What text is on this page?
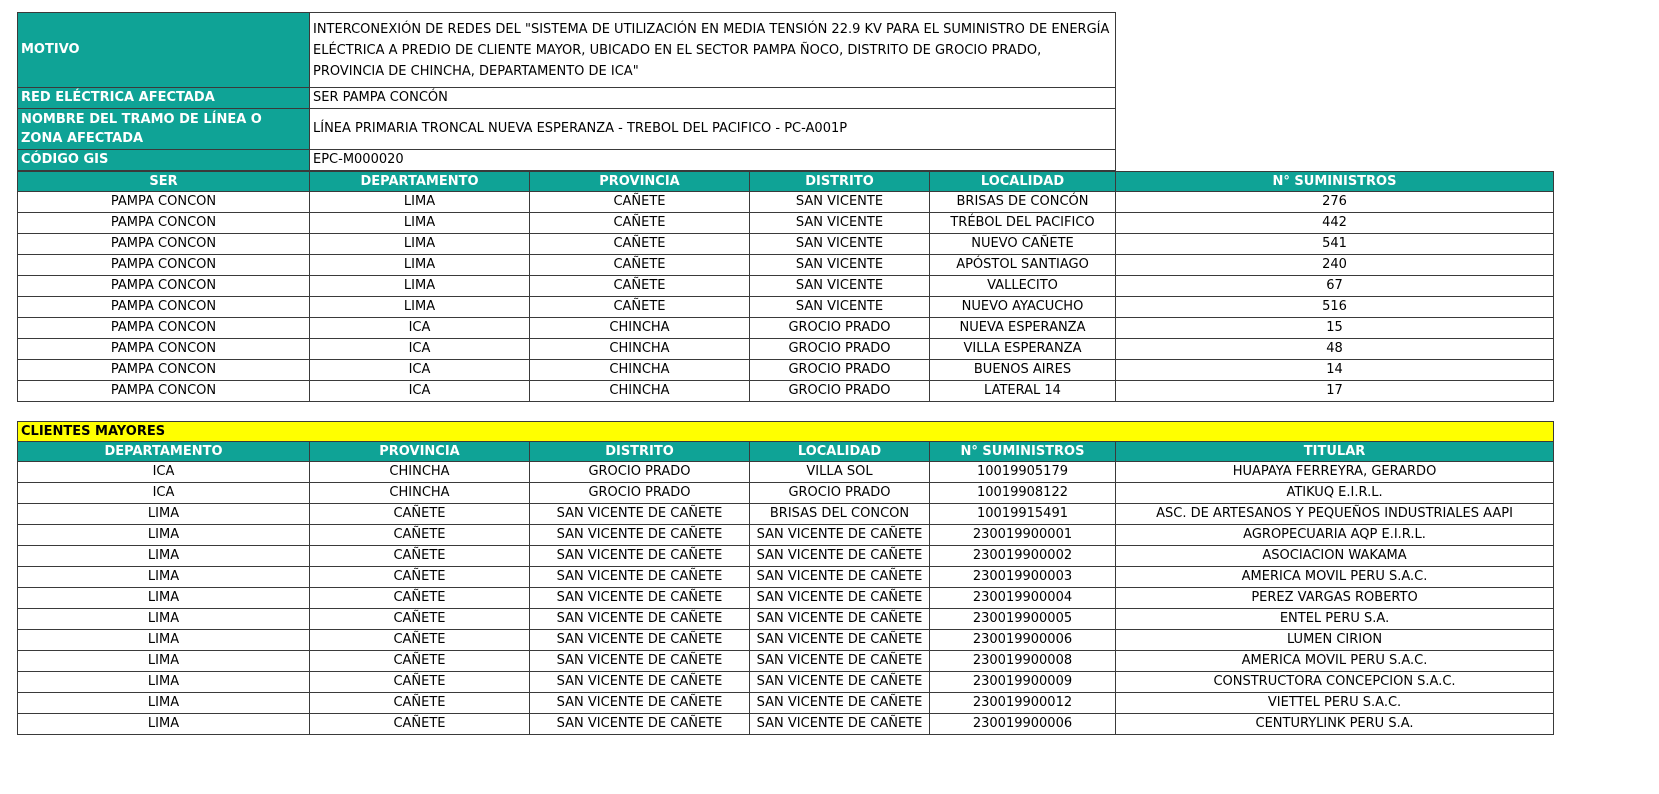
MOTIVO	INTERCONEXIÓN DE REDES DEL "SISTEMA DE UTILIZACIÓN EN MEDIA TENSIÓN 22.9 KV PARA EL SUMINISTRO DE ENERGÍA ELÉCTRICA A PREDIO DE CLIENTE MAYOR, UBICADO EN EL SECTOR PAMPA ÑOCO, DISTRITO DE GROCIO PRADO, PROVINCIA DE CHINCHA, DEPARTAMENTO DE ICA"
RED ELÉCTRICA AFECTADA	SER PAMPA CONCÓN
NOMBRE DEL TRAMO DE LÍNEA O ZONA AFECTADA	LÍNEA PRIMARIA TRONCAL NUEVA ESPERANZA - TREBOL DEL PACIFICO - PC-A001P
CÓDIGO GIS	EPC-M000020
SER	DEPARTAMENTO	PROVINCIA	DISTRITO	LOCALIDAD	N° SUMINISTROS
PAMPA CONCON	LIMA	CAÑETE	SAN VICENTE	BRISAS DE CONCÓN	276
PAMPA CONCON	LIMA	CAÑETE	SAN VICENTE	TRÉBOL DEL PACIFICO	442
PAMPA CONCON	LIMA	CAÑETE	SAN VICENTE	NUEVO CAÑETE	541
PAMPA CONCON	LIMA	CAÑETE	SAN VICENTE	APÓSTOL SANTIAGO	240
PAMPA CONCON	LIMA	CAÑETE	SAN VICENTE	VALLECITO	67
PAMPA CONCON	LIMA	CAÑETE	SAN VICENTE	NUEVO AYACUCHO	516
PAMPA CONCON	ICA	CHINCHA	GROCIO PRADO	NUEVA ESPERANZA	15
PAMPA CONCON	ICA	CHINCHA	GROCIO PRADO	VILLA ESPERANZA	48
PAMPA CONCON	ICA	CHINCHA	GROCIO PRADO	BUENOS AIRES	14
PAMPA CONCON	ICA	CHINCHA	GROCIO PRADO	LATERAL 14	17
CLIENTES MAYORES					
DEPARTAMENTO	PROVINCIA	DISTRITO	LOCALIDAD	N° SUMINISTROS	TITULAR
ICA	CHINCHA	GROCIO PRADO	VILLA SOL	10019905179	HUAPAYA FERREYRA, GERARDO
ICA	CHINCHA	GROCIO PRADO	GROCIO PRADO	10019908122	ATIKUQ E.I.R.L.
LIMA	CAÑETE	SAN VICENTE DE CAÑETE	BRISAS DEL CONCON	10019915491	ASC. DE ARTESANOS Y PEQUEÑOS INDUSTRIALES AAPI
LIMA	CAÑETE	SAN VICENTE DE CAÑETE	SAN VICENTE DE CAÑETE	230019900001	AGROPECUARIA AQP E.I.R.L.
LIMA	CAÑETE	SAN VICENTE DE CAÑETE	SAN VICENTE DE CAÑETE	230019900002	ASOCIACION WAKAMA
LIMA	CAÑETE	SAN VICENTE DE CAÑETE	SAN VICENTE DE CAÑETE	230019900003	AMERICA MOVIL PERU S.A.C.
LIMA	CAÑETE	SAN VICENTE DE CAÑETE	SAN VICENTE DE CAÑETE	230019900004	PEREZ VARGAS ROBERTO
LIMA	CAÑETE	SAN VICENTE DE CAÑETE	SAN VICENTE DE CAÑETE	230019900005	ENTEL PERU S.A.
LIMA	CAÑETE	SAN VICENTE DE CAÑETE	SAN VICENTE DE CAÑETE	230019900006	LUMEN CIRION
LIMA	CAÑETE	SAN VICENTE DE CAÑETE	SAN VICENTE DE CAÑETE	230019900008	AMERICA MOVIL PERU S.A.C.
LIMA	CAÑETE	SAN VICENTE DE CAÑETE	SAN VICENTE DE CAÑETE	230019900009	CONSTRUCTORA CONCEPCION S.A.C.
LIMA	CAÑETE	SAN VICENTE DE CAÑETE	SAN VICENTE DE CAÑETE	230019900012	VIETTEL PERU S.A.C.
LIMA	CAÑETE	SAN VICENTE DE CAÑETE	SAN VICENTE DE CAÑETE	230019900006	CENTURYLINK PERU S.A.
